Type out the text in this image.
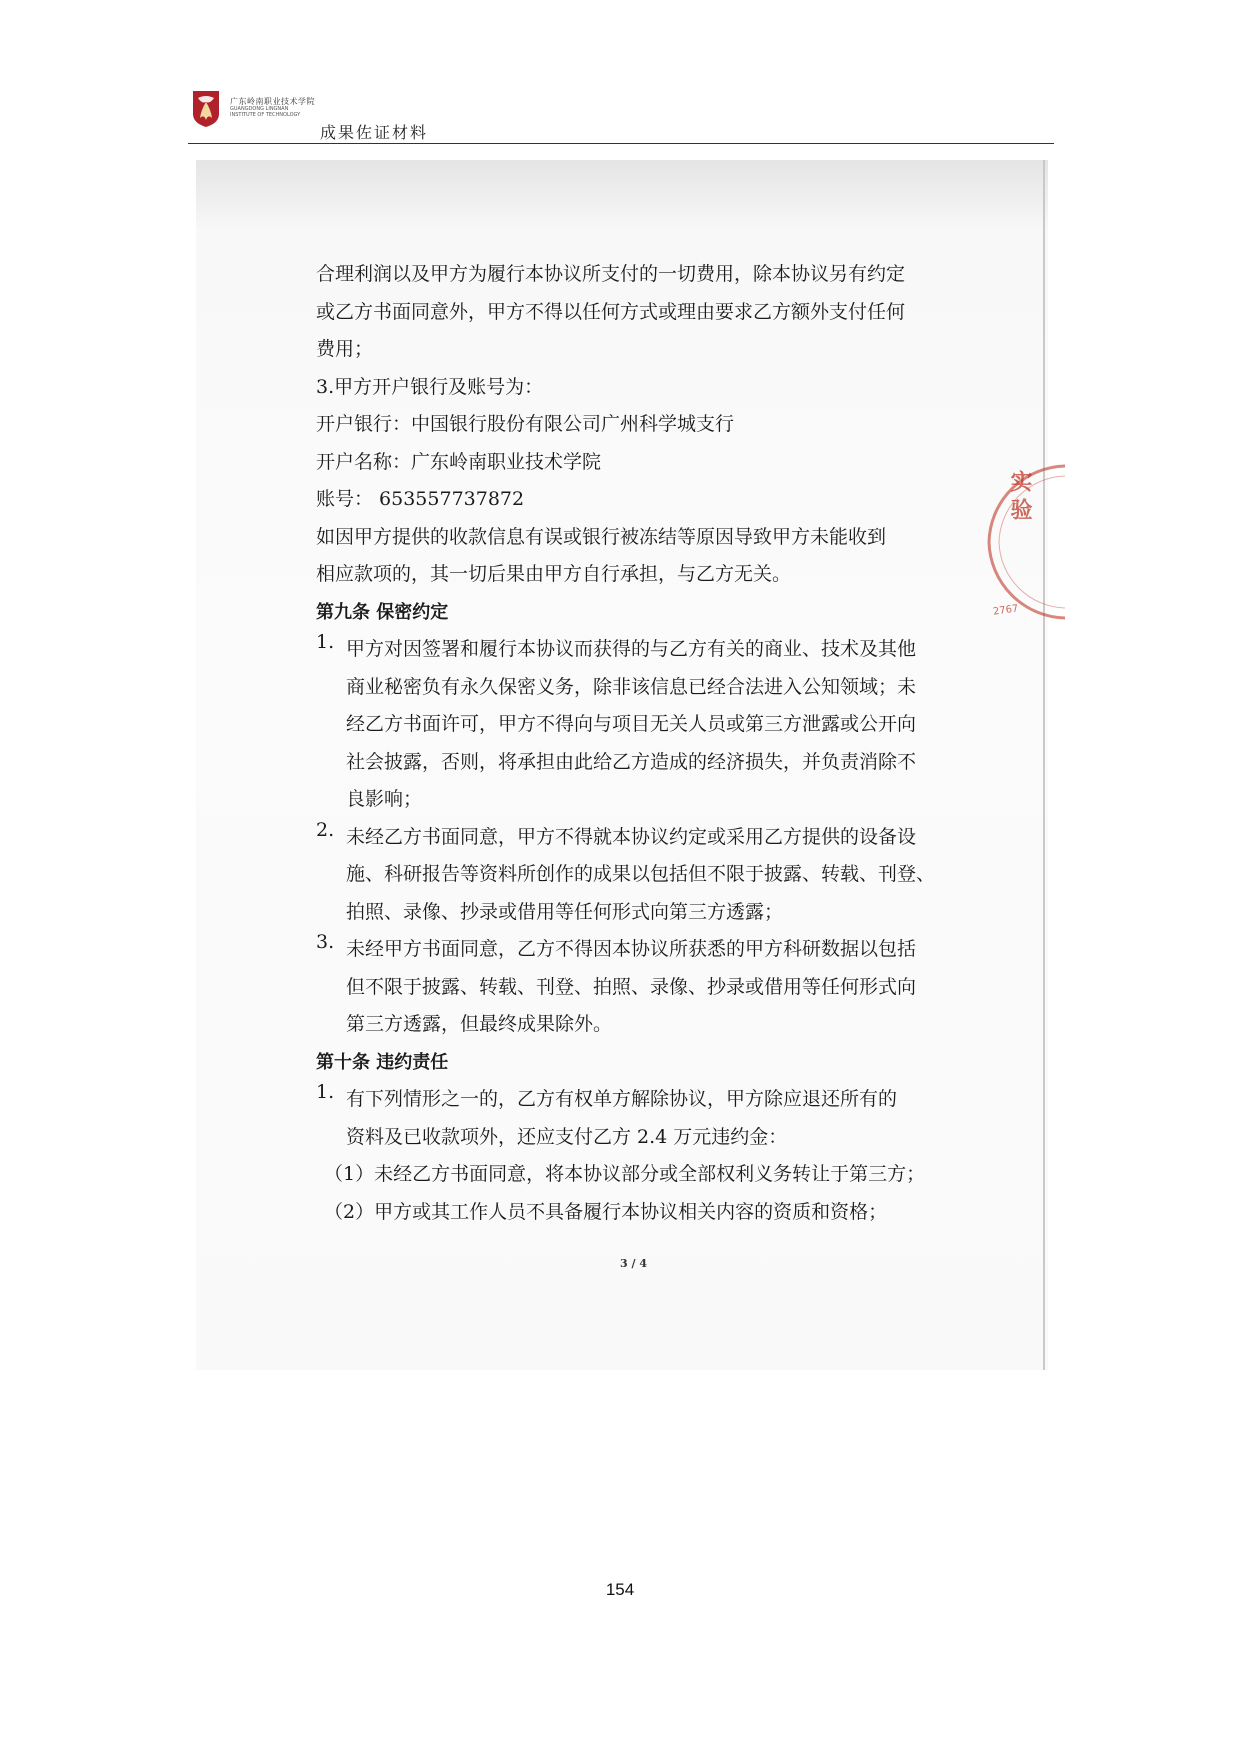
广东岭南职业技术学院
GUANGDONG LINGNAN INSTITUTE OF TECHNOLOGY
成果佐证材料

合理利润以及甲方为履行本协议所支付的一切费用，除本协议另有约定

或乙方书面同意外，甲方不得以任何方式或理由要求乙方额外支付任何

费用；

3.甲方开户银行及账号为：

开户银行：中国银行股份有限公司广州科学城支行

开户名称：广东岭南职业技术学院

账号： 653557737872

如因甲方提供的收款信息有误或银行被冻结等原因导致甲方未能收到

相应款项的，其一切后果由甲方自行承担，与乙方无关。

第九条 保密约定

1. 甲方对因签署和履行本协议而获得的与乙方有关的商业、技术及其他

商业秘密负有永久保密义务，除非该信息已经合法进入公知领域；未

经乙方书面许可，甲方不得向与项目无关人员或第三方泄露或公开向

社会披露，否则，将承担由此给乙方造成的经济损失，并负责消除不

良影响；

2. 未经乙方书面同意，甲方不得就本协议约定或采用乙方提供的设备设

施、科研报告等资料所创作的成果以包括但不限于披露、转载、刊登、

拍照、录像、抄录或借用等任何形式向第三方透露；

3. 未经甲方书面同意，乙方不得因本协议所获悉的甲方科研数据以包括

但不限于披露、转载、刊登、拍照、录像、抄录或借用等任何形式向

第三方透露，但最终成果除外。

第十条 违约责任

1. 有下列情形之一的，乙方有权单方解除协议，甲方除应退还所有的

资料及已收款项外，还应支付乙方 2.4 万元违约金：

（1）未经乙方书面同意，将本协议部分或全部权利义务转让于第三方；

（2）甲方或其工作人员不具备履行本协议相关内容的资质和资格；

实验
2767
3 / 4
154
